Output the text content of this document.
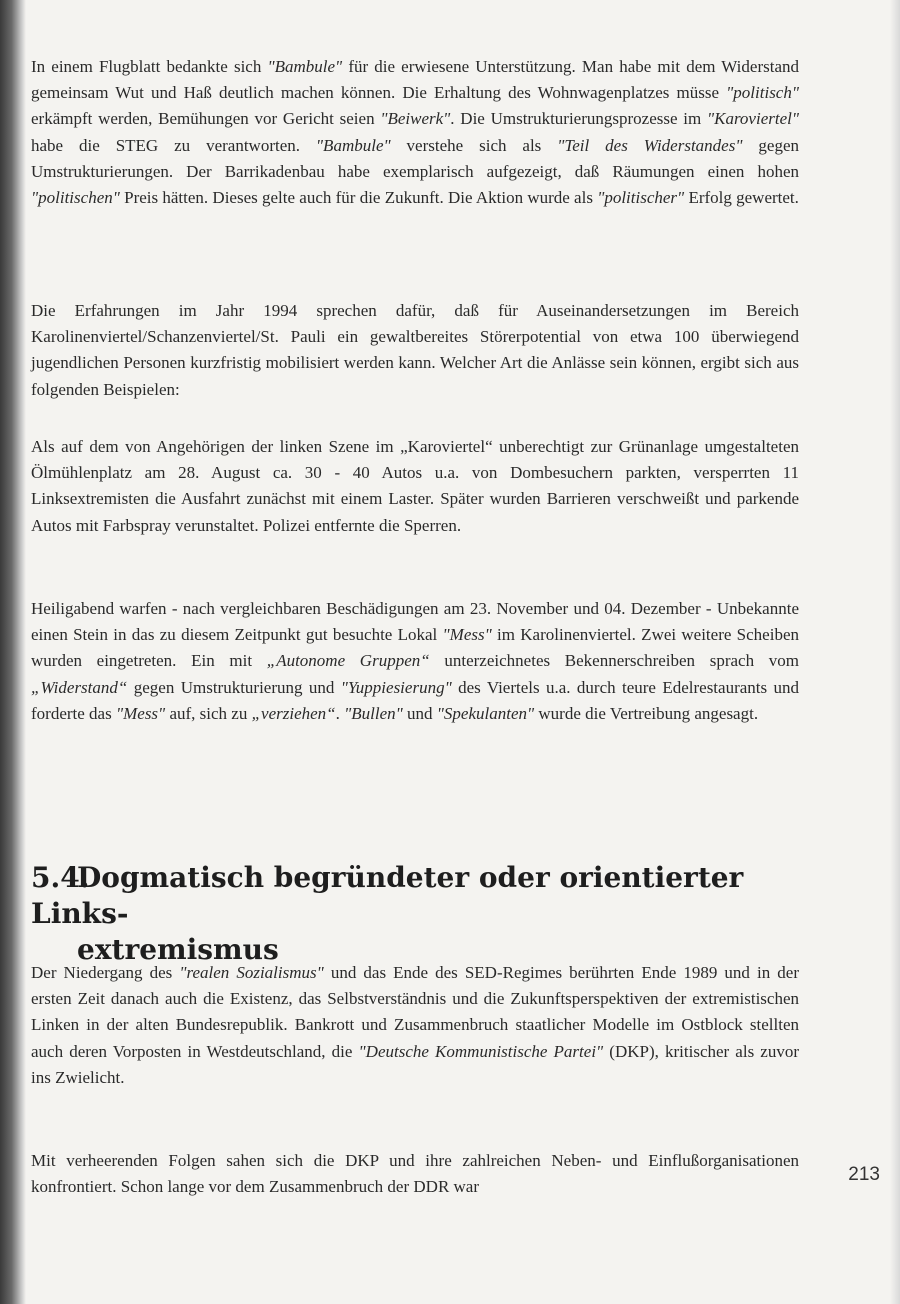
In einem Flugblatt bedankte sich "Bambule" für die erwiesene Unterstützung. Man habe mit dem Widerstand gemeinsam Wut und Haß deutlich machen können. Die Erhaltung des Wohnwagenplatzes müsse "politisch" erkämpft werden, Bemühungen vor Gericht seien "Beiwerk". Die Umstrukturierungsprozesse im "Karoviertel" habe die STEG zu verantworten. "Bambule" verstehe sich als "Teil des Widerstandes" gegen Umstrukturierungen. Der Barrikadenbau habe exemplarisch aufgezeigt, daß Räumungen einen hohen "politischen" Preis hätten. Dieses gelte auch für die Zukunft. Die Aktion wurde als "politischer" Erfolg gewertet.

Die Erfahrungen im Jahr 1994 sprechen dafür, daß für Auseinandersetzungen im Bereich Karolinenviertel/Schanzenviertel/St. Pauli ein gewaltbereites Störerpotential von etwa 100 überwiegend jugendlichen Personen kurzfristig mobilisiert werden kann. Welcher Art die Anlässe sein können, ergibt sich aus folgenden Beispielen:

Als auf dem von Angehörigen der linken Szene im „Karoviertel“ unberechtigt zur Grünanlage umgestalteten Ölmühlenplatz am 28. August ca. 30 - 40 Autos u.a. von Dombesuchern parkten, versperrten 11 Linksextremisten die Ausfahrt zunächst mit einem Laster. Später wurden Barrieren verschweißt und parkende Autos mit Farbspray verunstaltet. Polizei entfernte die Sperren.

Heiligabend warfen - nach vergleichbaren Beschädigungen am 23. November und 04. Dezember - Unbekannte einen Stein in das zu diesem Zeitpunkt gut besuchte Lokal "Mess" im Karolinenviertel. Zwei weitere Scheiben wurden eingetreten. Ein mit „Autonome Gruppen“ unterzeichnetes Bekennerschreiben sprach vom „Widerstand“ gegen Umstrukturierung und "Yuppiesierung" des Viertels u.a. durch teure Edelrestaurants und forderte das "Mess" auf, sich zu „verziehen“. "Bullen" und "Spekulanten" wurde die Vertreibung angesagt.

5.4.Dogmatisch begründeter oder orientierter Links-
extremismus

Der Niedergang des "realen Sozialismus" und das Ende des SED-Regimes berührten Ende 1989 und in der ersten Zeit danach auch die Existenz, das Selbstverständnis und die Zukunftsperspektiven der extremistischen Linken in der alten Bundesrepublik. Bankrott und Zusammenbruch staatlicher Modelle im Ostblock stellten auch deren Vorposten in Westdeutschland, die "Deutsche Kommunistische Partei" (DKP), kritischer als zuvor ins Zwielicht.

Mit verheerenden Folgen sahen sich die DKP und ihre zahlreichen Neben- und Einflußorganisationen konfrontiert. Schon lange vor dem Zusammenbruch der DDR war

213
